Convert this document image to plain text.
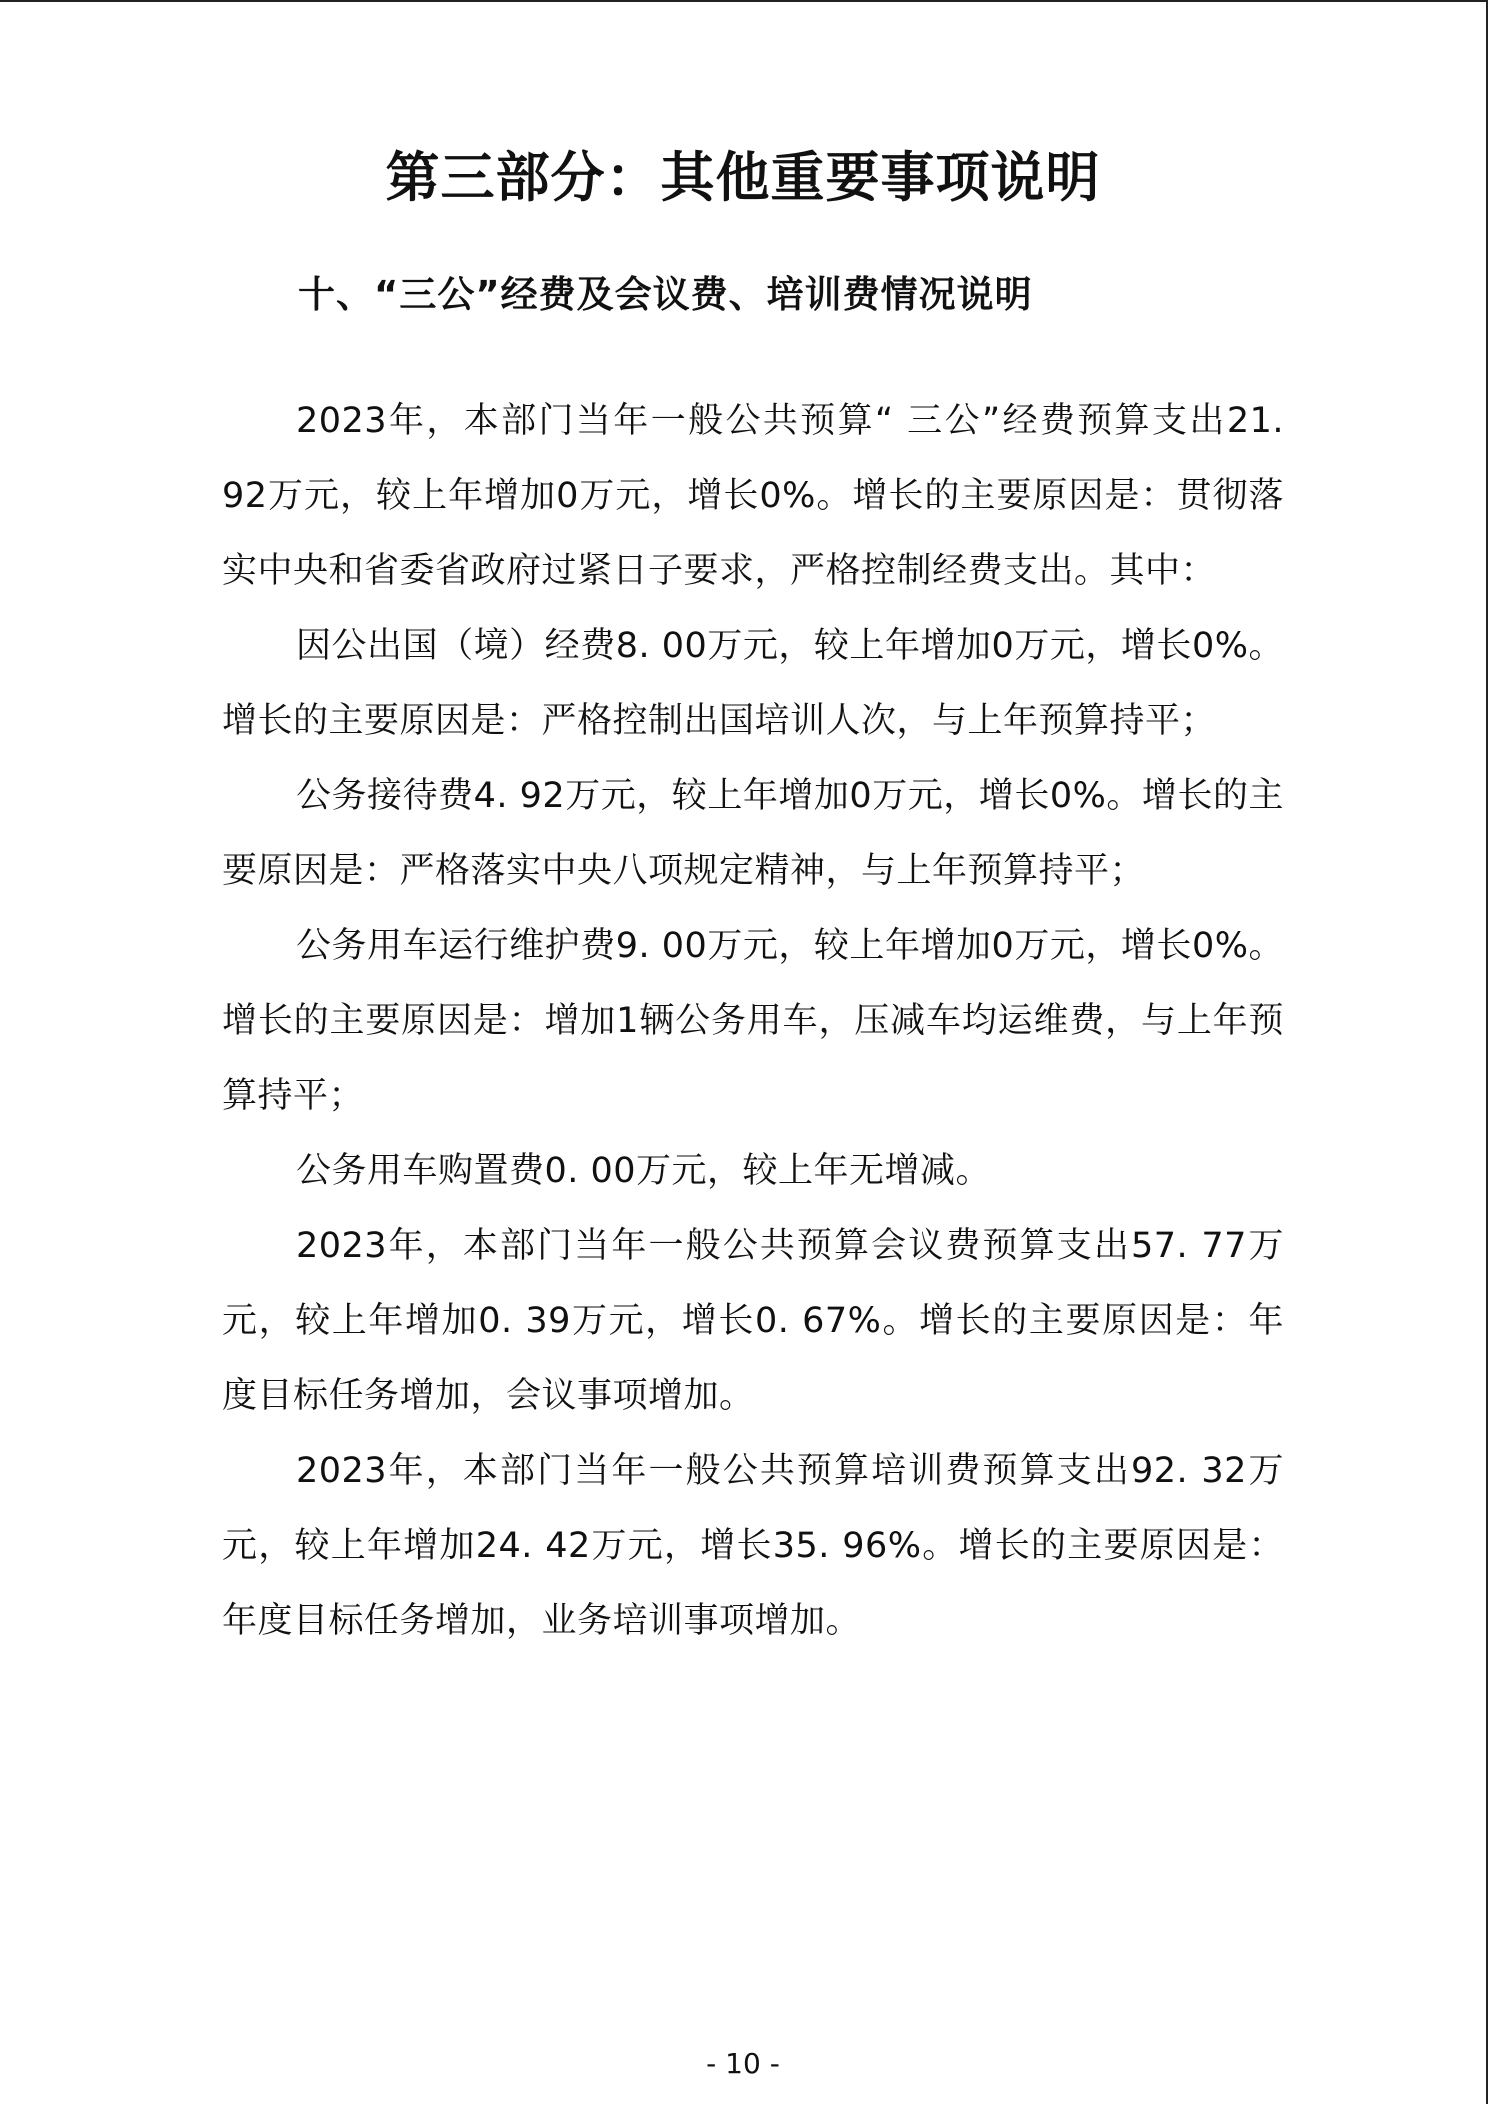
第三部分：其他重要事项说明
十、“三公”经费及会议费、培训费情况说明

2023年，本部门当年一般公共预算“ 三公”经费预算支出21. 92万元，较上年增加0万元，增长0%。增长的主要原因是：贯彻落实中央和省委省政府过紧日子要求，严格控制经费支出。其中：

因公出国（境）经费8. 00万元，较上年增加0万元，增长0%。增长的主要原因是：严格控制出国培训人次，与上年预算持平；

公务接待费4. 92万元，较上年增加0万元，增长0%。增长的主要原因是：严格落实中央八项规定精神，与上年预算持平；

公务用车运行维护费9. 00万元，较上年增加0万元，增长0%。增长的主要原因是：增加1辆公务用车，压减车均运维费，与上年预算持平；

公务用车购置费0. 00万元，较上年无增减。

2023年，本部门当年一般公共预算会议费预算支出57. 77万元，较上年增加0. 39万元，增长0. 67%。增长的主要原因是：年度目标任务增加，会议事项增加。

2023年，本部门当年一般公共预算培训费预算支出92. 32万元，较上年增加24. 42万元，增长35. 96%。增长的主要原因是：年度目标任务增加，业务培训事项增加。

- 10 -
